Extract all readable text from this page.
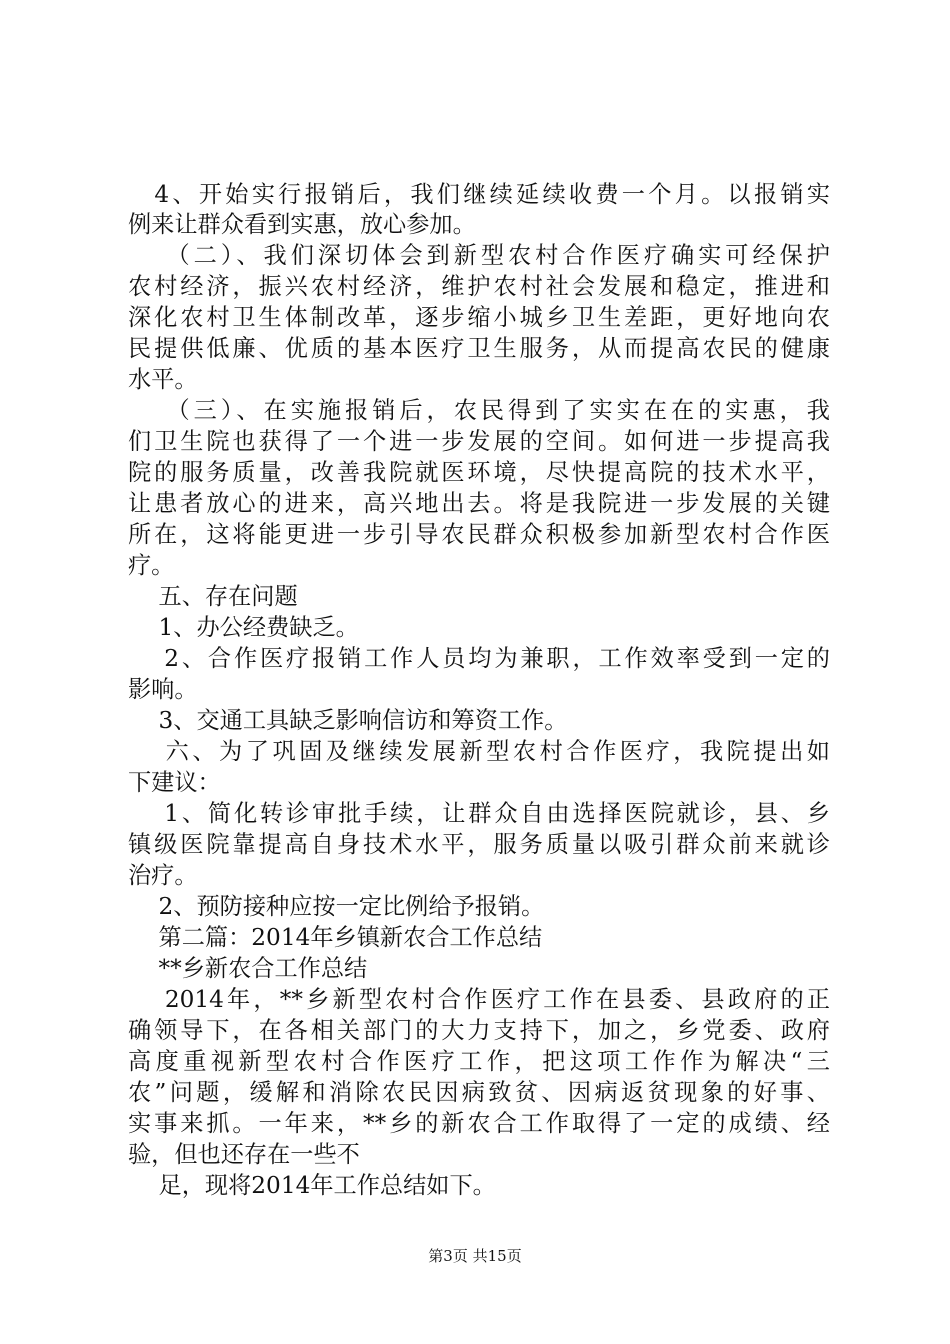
　4、开始实行报销后，我们继续延续收费一个月。以报销实
例来让群众看到实惠，放心参加。
　 （二）、我们深切体会到新型农村合作医疗确实可经保护
农村经济，振兴农村经济，维护农村社会发展和稳定，推进和
深化农村卫生体制改革，逐步缩小城乡卫生差距，更好地向农
民提供低廉、优质的基本医疗卫生服务，从而提高农民的健康
水平。
　 （三）、在实施报销后，农民得到了实实在在的实惠，我
们卫生院也获得了一个进一步发展的空间。如何进一步提高我
院的服务质量，改善我院就医环境，尽快提高院的技术水平，
让患者放心的进来，高兴地出去。将是我院进一步发展的关键
所在，这将能更进一步引导农民群众积极参加新型农村合作医
疗。
　 五、存在问题
　 1、办公经费缺乏。
　 2、合作医疗报销工作人员均为兼职，工作效率受到一定的
影响。
　 3、交通工具缺乏影响信访和筹资工作。
　 六、为了巩固及继续发展新型农村合作医疗，我院提出如
下建议：
　 1、简化转诊审批手续，让群众自由选择医院就诊，县、乡
镇级医院靠提高自身技术水平，服务质量以吸引群众前来就诊
治疗。
　 2、预防接种应按一定比例给予报销。
　 第二篇：2014年乡镇新农合工作总结
　 **乡新农合工作总结
　 2014年，**乡新型农村合作医疗工作在县委、县政府的正
确领导下，在各相关部门的大力支持下，加之，乡党委、政府
高度重视新型农村合作医疗工作，把这项工作作为解决“三
农”问题，缓解和消除农民因病致贫、因病返贫现象的好事、
实事来抓。一年来，**乡的新农合工作取得了一定的成绩、经
验，但也还存在一些不
　 足，现将2014年工作总结如下。
第3页 共15页
